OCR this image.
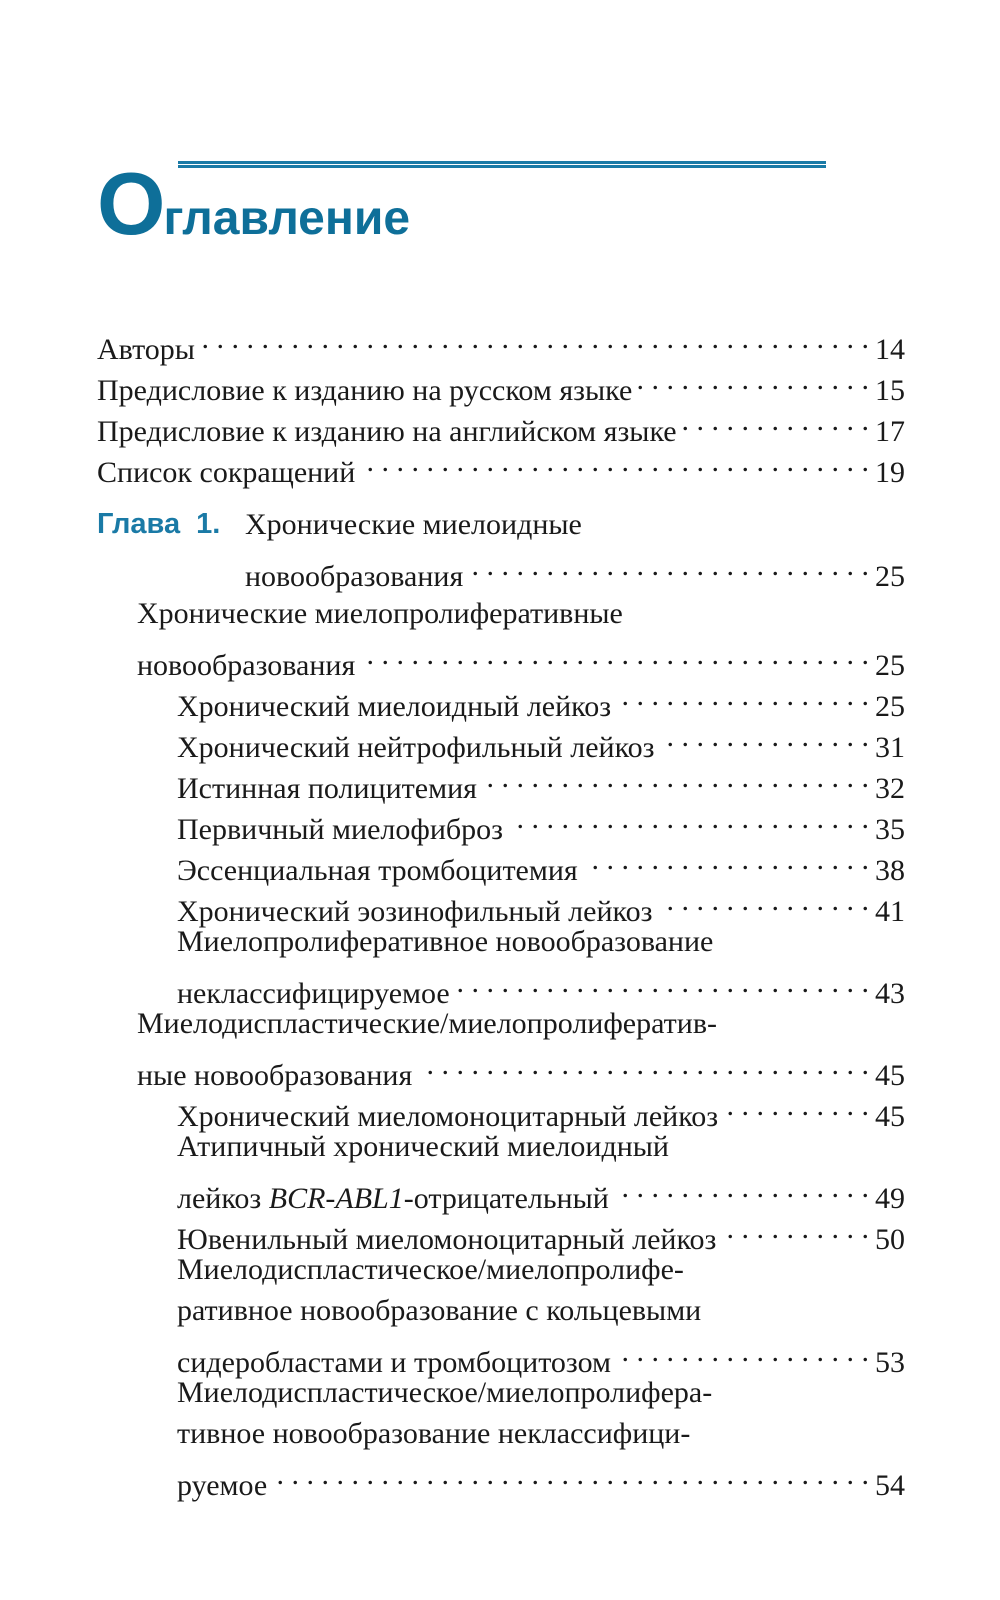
Оглавление
Авторы . . .	14
Предисловие к изданию на русском языке . . .	15
Предисловие к изданию на английском языке . . .	17
Список сокращений . . .	19
Глава 1. Хронические миелоидные
новообразования . . .	25
Хронические миелопролиферативные
новообразования . . .	25
Хронический миелоидный лейкоз . . .	25
Хронический нейтрофильный лейкоз . . .	31
Истинная полицитемия . . .	32
Первичный миелофиброз . . .	35
Эссенциальная тромбоцитемия . . .	38
Хронический эозинофильный лейкоз . . .	41
Миелопролиферативное новообразование
неклассифицируемое . . .	43
Миелодиспластические/миелопролифератив-
ные новообразования . . .	45
Хронический миеломоноцитарный лейкоз . . .	45
Атипичный хронический миелоидный
лейкоз BCR-ABL1-отрицательный . . .	49
Ювенильный миеломоноцитарный лейкоз . . .	50
Миелодиспластическое/миелопролифе-
ративное новообразование с кольцевыми
сидеробластами и тромбоцитозом . . .	53
Миелодиспластическое/миелопролифера-
тивное новообразование неклассифици-
руемое . . .	54
